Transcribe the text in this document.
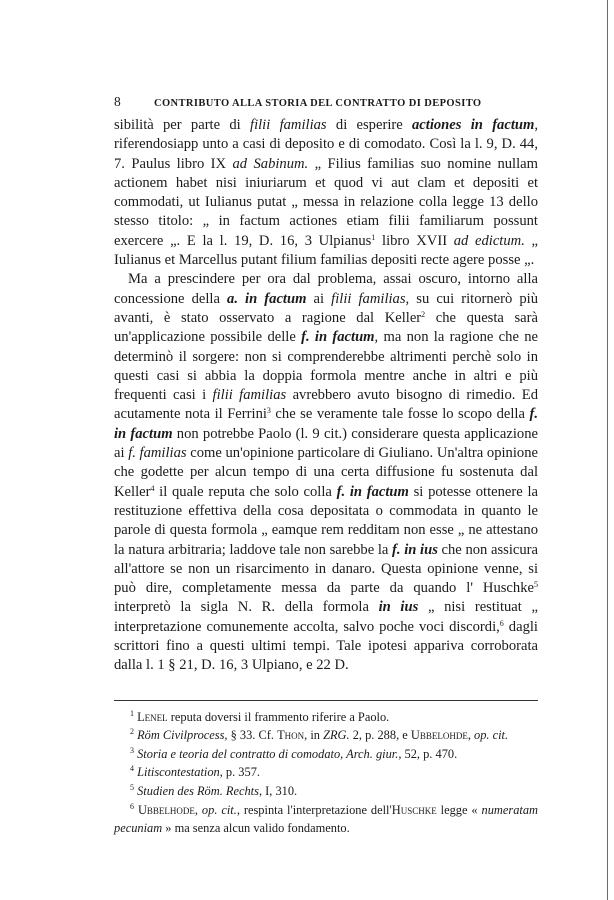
8	CONTRIBUTO ALLA STORIA DEL CONTRATTO DI DEPOSITO

sibilità per parte di filii familias di esperire actiones in factum, riferendosiapp unto a casi di deposito e di comodato. Così la l. 9, D. 44, 7. Paulus libro IX ad Sabinum. „ Filius familias suo nomine nullam actionem habet nisi iniuriarum et quod vi aut clam et depositi et commodati, ut Iulianus putat „ messa in relazione colla legge 13 dello stesso titolo: „ in factum actiones etiam filii familiarum possunt exercere „. E la l. 19, D. 16, 3 Ulpianus$^1$ libro XVII ad edictum. „ Iulianus et Marcellus putant filium familias depositi recte agere posse „.

Ma a prescindere per ora dal problema, assai oscuro, intorno alla concessione della a. in factum ai filii familias, su cui ritornerò più avanti, è stato osservato a ragione dal Keller$^2$ che questa sarà un'applicazione possibile delle f. in factum, ma non la ragione che ne determinò il sorgere: non si comprenderebbe altrimenti perchè solo in questi casi si abbia la doppia formola mentre anche in altri e più frequenti casi i filii familias avrebbero avuto bisogno di rimedio. Ed acutamente nota il Ferrini$^3$ che se veramente tale fosse lo scopo della f. in factum non potrebbe Paolo (l. 9 cit.) considerare questa applicazione ai f. familias come un'opinione particolare di Giuliano. Un'altra opinione che godette per alcun tempo di una certa diffusione fu sostenuta dal Keller$^4$ il quale reputa che solo colla f. in factum si potesse ottenere la restituzione effettiva della cosa depositata o commodata in quanto le parole di questa formola „ eamque rem redditam non esse „ ne attestano la natura arbitraria; laddove tale non sarebbe la f. in ius che non assicura all'attore se non un risarcimento in danaro. Questa opinione venne, si può dire, completamente messa da parte da quando l' Huschke$^5$ interpretò la sigla N. R. della formola in ius „ nisi restituat „ interpretazione comunemente accolta, salvo poche voci discordi,$^6$ dagli scrittori fino a questi ultimi tempi. Tale ipotesi appariva corroborata dalla l. 1 § 21, D. 16, 3 Ulpiano, e 22 D.

$^1$ Lenel reputa doversi il frammento riferire a Paolo.

$^2$ Röm Civilprocess, § 33. Cf. Thon, in ZRG. 2, p. 288, e Ubbelohde, op. cit.

$^3$ Storia e teoria del contratto di comodato, Arch. giur., 52, p. 470.

$^4$ Litiscontestation, p. 357.

$^5$ Studien des Röm. Rechts, I, 310.

$^6$ Ubbelhode, op. cit., respinta l'interpretazione dell'Huschke legge « numeratam pecuniam » ma senza alcun valido fondamento.
